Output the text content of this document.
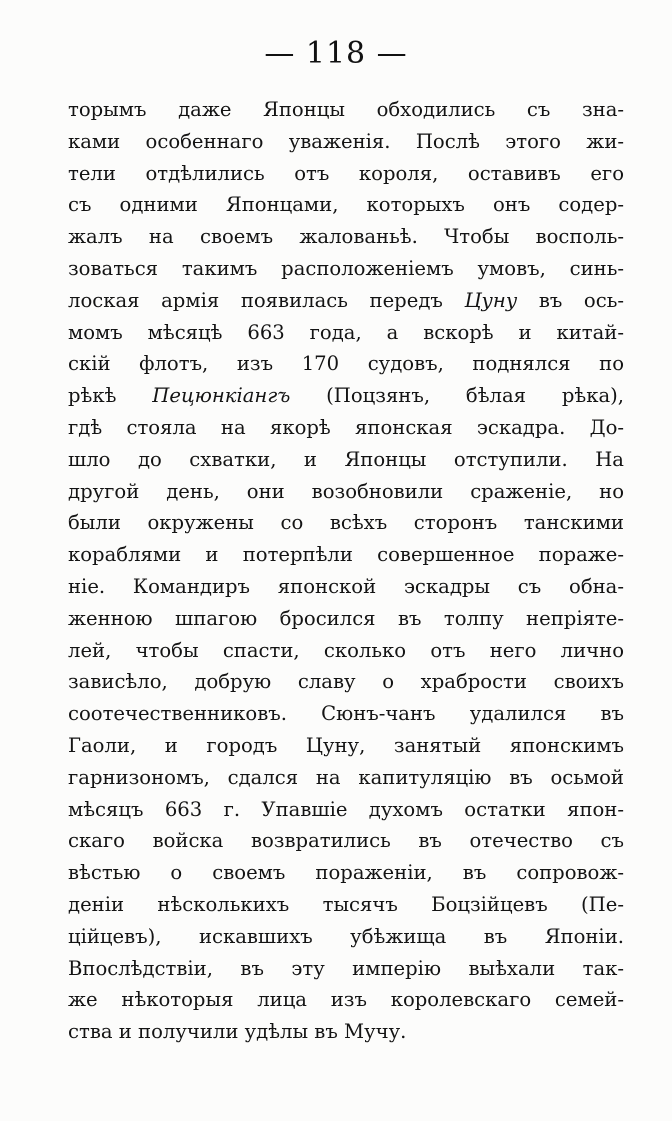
— 118 —
торымъ даже Японцы обходились съ зна-
ками особеннаго уваженія. Послѣ этого жи-
тели отдѣлились отъ короля, оставивъ его
съ одними Японцами, которыхъ онъ содер-
жалъ на своемъ жалованьѣ. Чтобы восполь-
зоваться такимъ расположеніемъ умовъ, синь-
лоская армія появилась передъ Цуну въ ось-
момъ мѣсяцѣ 663 года, а вскорѣ и китай-
скій флотъ, изъ 170 судовъ, поднялся по
рѣкѣ Пецюнкіангъ (Поцзянъ, бѣлая рѣка),
гдѣ стояла на якорѣ японская эскадра. До-
шло до схватки, и Японцы отступили. На
другой день, они возобновили сраженіе, но
были окружены со всѣхъ сторонъ танскими
кораблями и потерпѣли совершенное пораже-
ніе. Командиръ японской эскадры съ обна-
женною шпагою бросился въ толпу непріяте-
лей, чтобы спасти, сколько отъ него лично
зависѣло, добрую славу о храбрости своихъ
соотечественниковъ. Сюнъ-чанъ удалился въ
Гаоли, и городъ Цуну, занятый японскимъ
гарнизономъ, сдался на капитуляцію въ осьмой
мѣсяцъ 663 г. Упавшіе духомъ остатки япон-
скаго войска возвратились въ отечество съ
вѣстью о своемъ пораженіи, въ сопровож-
деніи нѣсколькихъ тысячъ Боцзійцевъ (Пе-
ційцевъ), искавшихъ убѣжища въ Японіи.
Впослѣдствіи, въ эту имперію выѣхали так-
же нѣкоторыя лица изъ королевскаго семей-
ства и получили удѣлы въ Мучу.
